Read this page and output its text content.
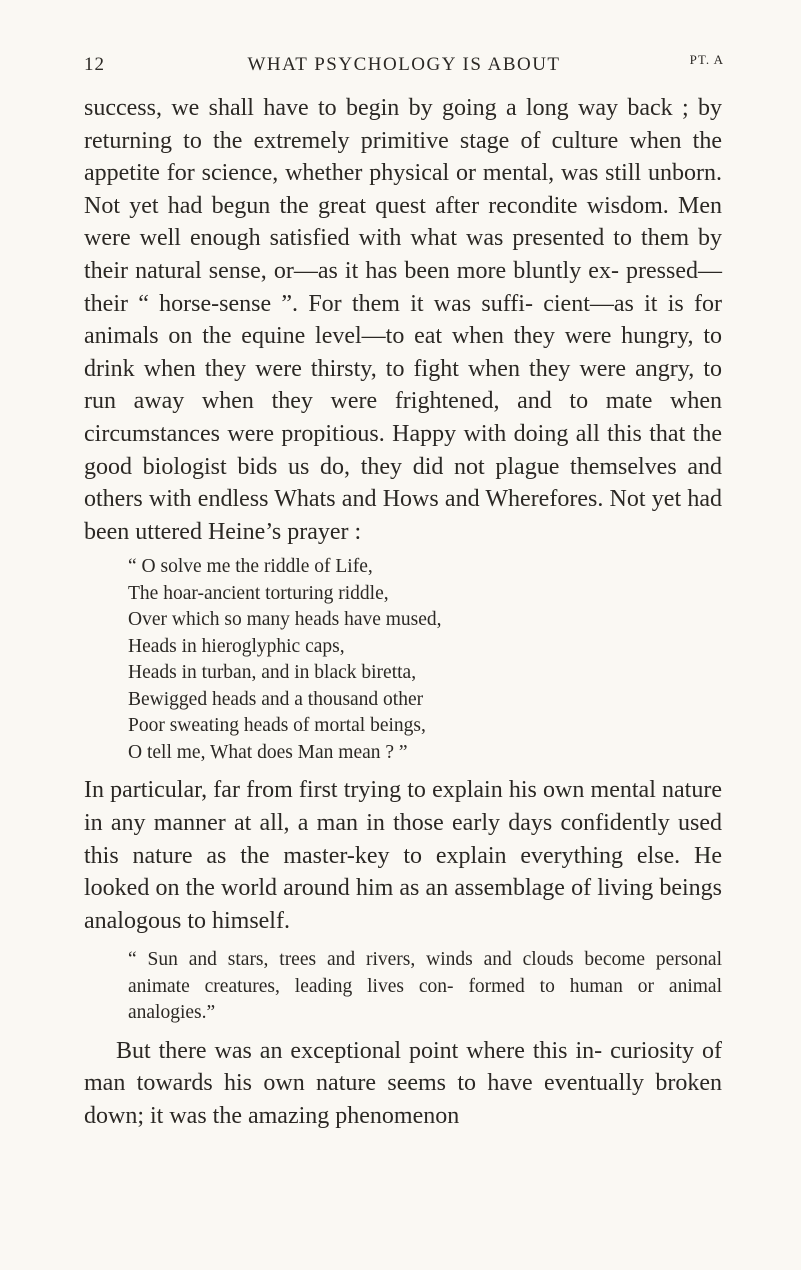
12	WHAT PSYCHOLOGY IS ABOUT	PT. A

success, we shall have to begin by going a long way back ; by returning to the extremely primitive stage of culture when the appetite for science, whether physical or mental, was still unborn. Not yet had begun the great quest after recondite wisdom. Men were well enough satisfied with what was presented to them by their natural sense, or—as it has been more bluntly ex- pressed—their “ horse-sense ”. For them it was suffi- cient—as it is for animals on the equine level—to eat when they were hungry, to drink when they were thirsty, to fight when they were angry, to run away when they were frightened, and to mate when circumstances were propitious. Happy with doing all this that the good biologist bids us do, they did not plague themselves and others with endless Whats and Hows and Wherefores. Not yet had been uttered Heine’s prayer :

“ O solve me the riddle of Life,
The hoar-ancient torturing riddle,
Over which so many heads have mused,
Heads in hieroglyphic caps,
Heads in turban, and in black biretta,
Bewigged heads and a thousand other
Poor sweating heads of mortal beings,
O tell me, What does Man mean ? ”

In particular, far from first trying to explain his own mental nature in any manner at all, a man in those early days confidently used this nature as the master-key to explain everything else. He looked on the world around him as an assemblage of living beings analogous to himself.

“ Sun and stars, trees and rivers, winds and clouds become personal animate creatures, leading lives con- formed to human or animal analogies.”

But there was an exceptional point where this in- curiosity of man towards his own nature seems to have eventually broken down; it was the amazing phenomenon
